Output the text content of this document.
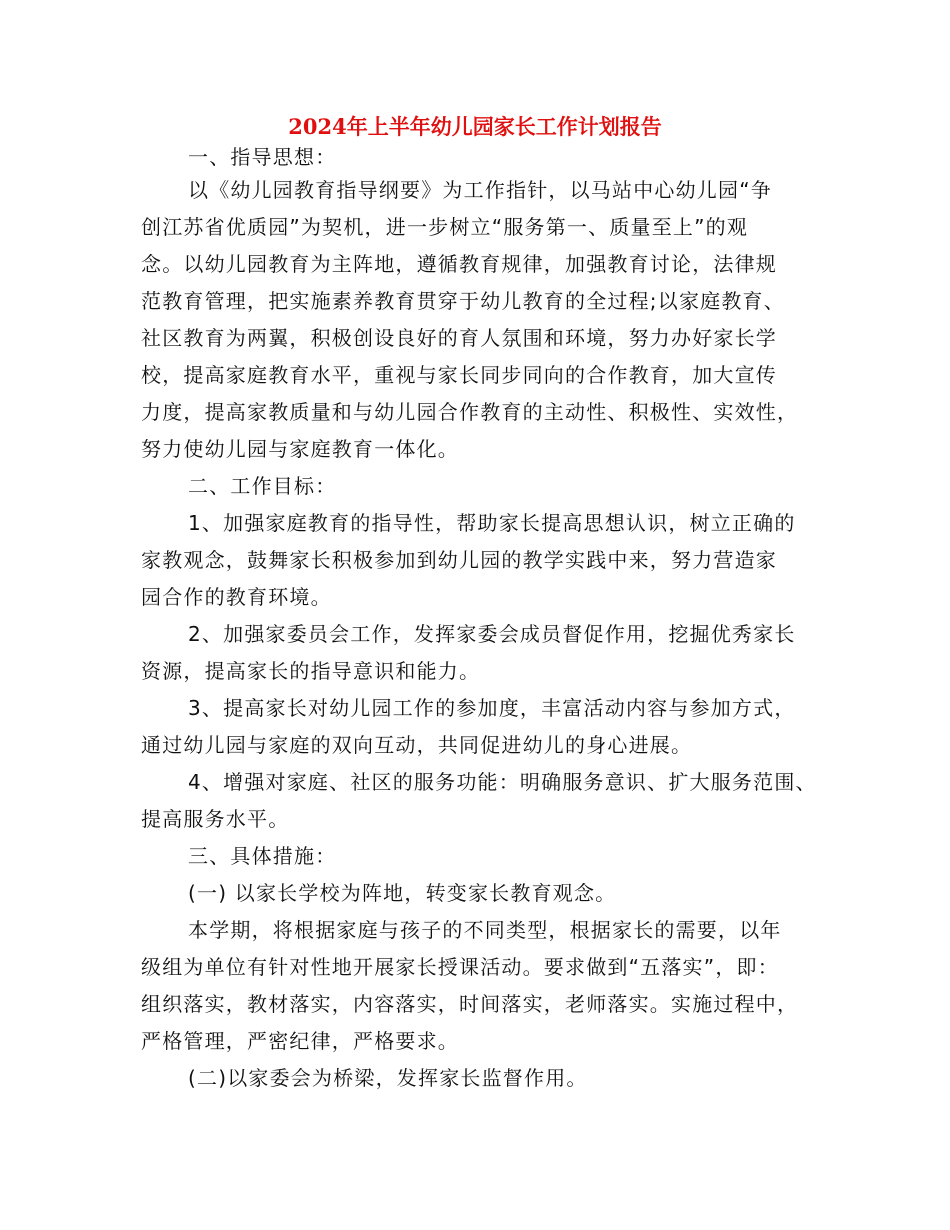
2024年上半年幼儿园家长工作计划报告
一、指导思想：
以《幼儿园教育指导纲要》为工作指针，以马站中心幼儿园“争
创江苏省优质园”为契机，进一步树立“服务第一、质量至上”的观
念。以幼儿园教育为主阵地，遵循教育规律，加强教育讨论，法律规
范教育管理，把实施素养教育贯穿于幼儿教育的全过程;以家庭教育、
社区教育为两翼，积极创设良好的育人氛围和环境，努力办好家长学
校，提高家庭教育水平，重视与家长同步同向的合作教育，加大宣传
力度，提高家教质量和与幼儿园合作教育的主动性、积极性、实效性，
努力使幼儿园与家庭教育一体化。
二、工作目标：
1、加强家庭教育的指导性，帮助家长提高思想认识，树立正确的
家教观念，鼓舞家长积极参加到幼儿园的教学实践中来，努力营造家
园合作的教育环境。
2、加强家委员会工作，发挥家委会成员督促作用，挖掘优秀家长
资源，提高家长的指导意识和能力。
3、提高家长对幼儿园工作的参加度，丰富活动内容与参加方式，
通过幼儿园与家庭的双向互动，共同促进幼儿的身心进展。
4、增强对家庭、社区的服务功能：明确服务意识、扩大服务范围、
提高服务水平。
三、具体措施：
(一) 以家长学校为阵地，转变家长教育观念。
本学期，将根据家庭与孩子的不同类型，根据家长的需要，以年
级组为单位有针对性地开展家长授课活动。要求做到“五落实”，即：
组织落实，教材落实，内容落实，时间落实，老师落实。实施过程中，
严格管理，严密纪律，严格要求。
(二)以家委会为桥梁，发挥家长监督作用。
